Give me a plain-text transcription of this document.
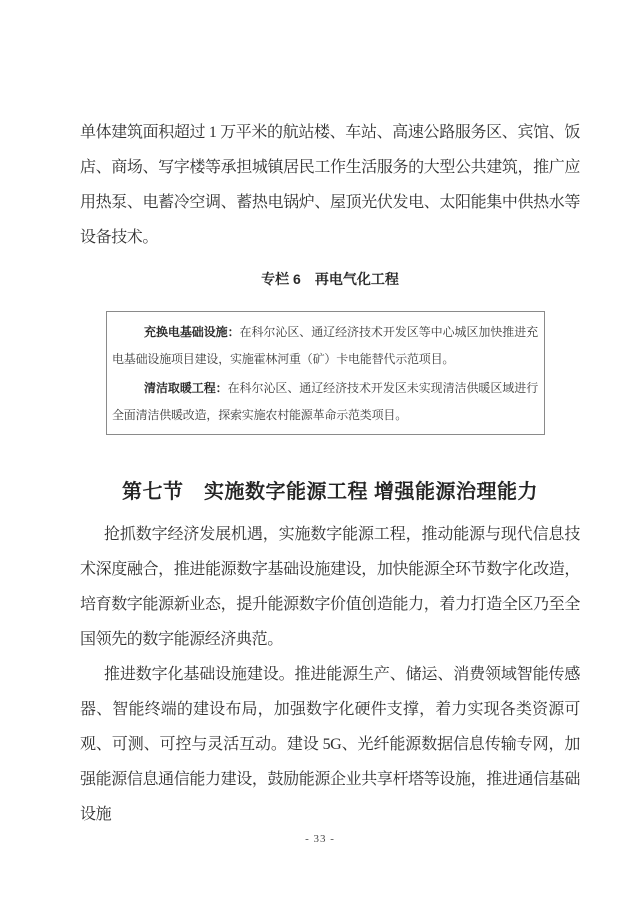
单体建筑面积超过 1 万平米的航站楼、车站、高速公路服务区、宾馆、饭店、商场、写字楼等承担城镇居民工作生活服务的大型公共建筑，推广应用热泵、电蓄冷空调、蓄热电锅炉、屋顶光伏发电、太阳能集中供热水等设备技术。

专栏 6　再电气化工程

充换电基础设施：在科尔沁区、通辽经济技术开发区等中心城区加快推进充电基础设施项目建设，实施霍林河重（矿）卡电能替代示范项目。

清洁取暖工程：在科尔沁区、通辽经济技术开发区未实现清洁供暖区域进行全面清洁供暖改造，探索实施农村能源革命示范类项目。

第七节　实施数字能源工程 增强能源治理能力

抢抓数字经济发展机遇，实施数字能源工程，推动能源与现代信息技术深度融合，推进能源数字基础设施建设，加快能源全环节数字化改造，培育数字能源新业态，提升能源数字价值创造能力，着力打造全区乃至全国领先的数字能源经济典范。

推进数字化基础设施建设。推进能源生产、储运、消费领域智能传感器、智能终端的建设布局，加强数字化硬件支撑，着力实现各类资源可观、可测、可控与灵活互动。建设 5G、光纤能源数据信息传输专网，加强能源信息通信能力建设，鼓励能源企业共享杆塔等设施，推进通信基础设施

- 33 -
